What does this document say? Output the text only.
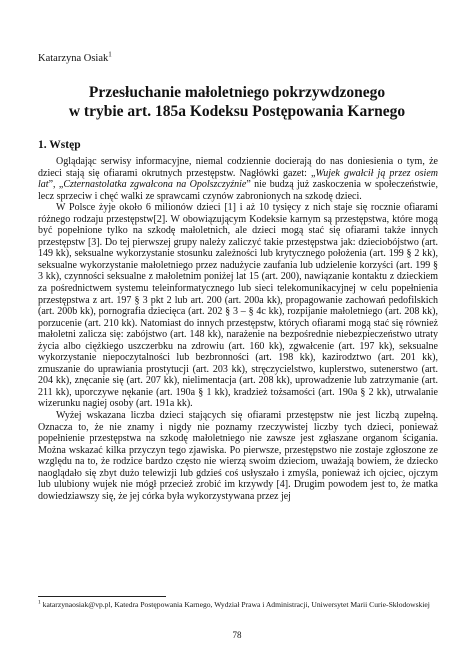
Katarzyna Osiak$^1$
Przesłuchanie małoletniego pokrzywdzonego
w trybie art. 185a Kodeksu Postępowania Karnego
1. Wstęp

Oglądając serwisy informacyjne, niemal codziennie docierają do nas doniesienia o tym, że dzieci stają się ofiarami okrutnych przestępstw. Nagłówki gazet: „Wujek gwałcił ją przez osiem lat”, „Czternastolatka zgwałcona na Opolszczyźnie” nie budzą już zaskoczenia w społeczeństwie, lecz sprzeciw i chęć walki ze sprawcami czynów zabronionych na szkodę dzieci.

W Polsce żyje około 6 milionów dzieci [1] i aż 10 tysięcy z nich staje się rocznie ofiarami różnego rodzaju przestępstw[2]. W obowiązującym Kodeksie karnym są przestępstwa, które mogą być popełnione tylko na szkodę małoletnich, ale dzieci mogą stać się ofiarami także innych przestępstw [3]. Do tej pierwszej grupy należy zaliczyć takie przestępstwa jak: dzieciobójstwo (art. 149 kk), seksualne wykorzystanie stosunku zależności lub krytycznego położenia (art. 199 § 2 kk), seksualne wykorzystanie małoletniego przez nadużycie zaufania lub udzielenie korzyści (art. 199 § 3 kk), czynności seksualne z małoletnim poniżej lat 15 (art. 200), nawiązanie kontaktu z dzieckiem za pośrednictwem systemu teleinformatycznego lub sieci telekomunikacyjnej w celu popełnienia przestępstwa z art. 197 § 3 pkt 2 lub art. 200 (art. 200a kk), propagowanie zachowań pedofilskich (art. 200b kk), pornografia dziecięca (art. 202 § 3 – § 4c kk), rozpijanie małoletniego (art. 208 kk), porzucenie (art. 210 kk). Natomiast do innych przestępstw, których ofiarami mogą stać się również małoletni zalicza się: zabójstwo (art. 148 kk), narażenie na bezpośrednie niebezpieczeństwo utraty życia albo ciężkiego uszczerbku na zdrowiu (art. 160 kk), zgwałcenie (art. 197 kk), seksualne wykorzystanie niepoczytalności lub bezbronności (art. 198 kk), kazirodztwo (art. 201 kk), zmuszanie do uprawiania prostytucji (art. 203 kk), stręczycielstwo, kuplerstwo, sutenerstwo (art. 204 kk), znęcanie się (art. 207 kk), nielimentacja (art. 208 kk), uprowadzenie lub zatrzymanie (art. 211 kk), uporczywe nękanie (art. 190a § 1 kk), kradzież tożsamości (art. 190a § 2 kk), utrwalanie wizerunku nagiej osoby (art. 191a kk).

Wyżej wskazana liczba dzieci stających się ofiarami przestępstw nie jest liczbą zupełną. Oznacza to, że nie znamy i nigdy nie poznamy rzeczywistej liczby tych dzieci, ponieważ popełnienie przestępstwa na szkodę małoletniego nie zawsze jest zgłaszane organom ścigania. Można wskazać kilka przyczyn tego zjawiska. Po pierwsze, przestępstwo nie zostaje zgłoszone ze względu na to, że rodzice bardzo często nie wierzą swoim dzieciom, uważają bowiem, że dziecko naoglądało się zbyt dużo telewizji lub gdzieś coś usłyszało i zmyśla, ponieważ ich ojciec, ojczym lub ulubiony wujek nie mógł przecież zrobić im krzywdy [4]. Drugim powodem jest to, że matka dowiedziawszy się, że jej córka była wykorzystywana przez jej

$^1$ katarzynaosiak@vp.pl, Katedra Postępowania Karnego, Wydział Prawa i Administracji, Uniwersytet Marii Curie-Skłodowskiej
78
